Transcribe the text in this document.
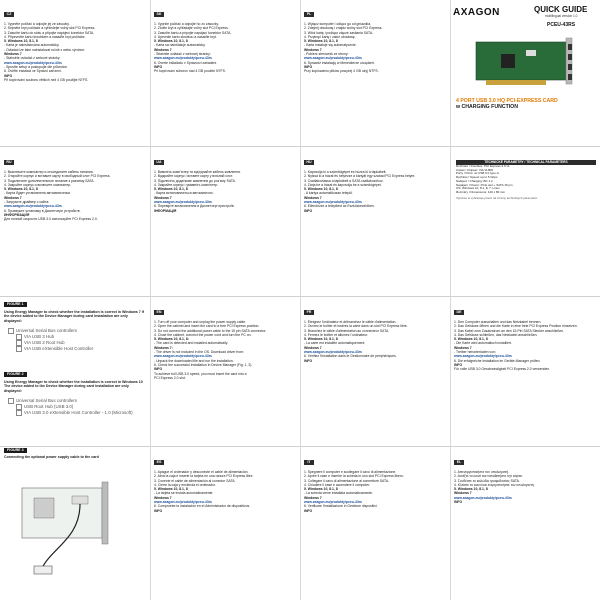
AXAGON	QUICK GUIDE
multilingual version 1.0
PCEU-43RS
4 PORT USB 3.0 HQ PCI-EXPRESS CARD
w CHARGING FUNCTION
TECHNICKÉ PARAMETRY / TECHNICAL PARAMETERS
Rozhraní / Interface: PCI Express 2.0 x1
Čipset / Chipset: VIA VL805
Porty / Ports: 4x USB 3.0 type-A
Rychlost / Speed: up to 5 Gbps
Nabíjení / Charging: BC 1.2
Napájení / Power: PCIe slot + SATA 15 pin
OS: Windows 10, 8.1, 8, 7, Linux
Rozměry / Dimensions: 120 x 80 mm
Výrobce si vyhrazuje právo na změny technických parametrů.
CZ
1. Vypněte počítač a odpojte jej ze zásuvky.
2. Sejměte kryt počítače a vyhledejte volný slot PCI Express.
3. Zasuňte kartu do slotu a připojte napájecí konektor SATA.
4. Připevněte kartu šroubkem a nasaďte kryt počítače.
5. Windows 10, 8.1, 8
- Karta je nainstalována automaticky.
- Ovladač lze také nainstalovat ručně z webu výrobce:
Windows 7
- Stáhněte ovladač z webové stránky:
www.axagon.eu/produkty/pceu-43rs
- Spusťte setup a postupujte dle průvodce.
6. Ověřte instalaci ve Správci zařízení.
INFO
Při kopírování souboru větších než 4 GB použijte NTFS.
SK
1. Vypnite počítač a odpojte ho zo zásuvky.
2. Zložte kryt a vyhľadajte voľný slot PCI Express.
3. Zasuňte kartu a pripojte napájací konektor SATA.
4. Upevnite kartu skrutkou a nasaďte kryt.
5. Windows 10, 8.1, 8
- Karta sa nainštaluje automaticky.
Windows 7
- Stiahnite ovládač z webovej stránky:
www.axagon.eu/produkty/pceu-43rs
6. Overte inštaláciu v Správcovi zariadení.
INFO
Pri kopírovaní súborov nad 4 GB použite NTFS.
PL
1. Wyłącz komputer i odłącz go od gniazdka.
2. Zdejmij obudowę i znajdź wolny slot PCI Express.
3. Włóż kartę i podłącz złącze zasilania SATA.
4. Przykręć kartę i załóż obudowę.
5. Windows 10, 8.1, 8
- Karta instaluje się automatycznie.
Windows 7
- Pobierz sterownik ze strony:
www.axagon.eu/produkty/pceu-43rs
6. Sprawdź instalację w Menedżerze urządzeń.
INFO
Przy kopiowaniu plików powyżej 4 GB użyj NTFS.
RU
1. Выключите компьютер и отсоедините кабель питания.
2. Откройте корпус и вставьте карту в свободный слот PCI Express.
3. Подключите дополнительное питание к разъему SATA.
4. Закройте корпус и включите компьютер.
5. Windows 10, 8.1, 8
- Карта будет установлена автоматически.
Windows 7
- Загрузите драйвер с сайта:
www.axagon.eu/produkty/pceu-43rs
6. Проверьте установку в Диспетчере устройств.
ИНФОРМАЦИЯ
Для полной скорости USB 3.0 используйте PCI Express 2.0.
UA
1. Вимкніть комп'ютер та від'єднайте кабель живлення.
2. Відкрийте корпус і вставте карту у вільний слот.
3. Підключіть додаткове живлення до роз'єму SATA.
4. Закрийте корпус і увімкніть комп'ютер.
5. Windows 10, 8.1, 8
- Карта встановлюється автоматично.
Windows 7
www.axagon.eu/produkty/pceu-43rs
6. Перевірте встановлення в Диспетчері пристроїв.
ІНФОРМАЦІЯ
HU
1. Kapcsolja ki a számítógépet és húzza ki a tápkábelt.
2. Nyissa ki a házat és helyezze a kártyát egy szabad PCI Express helyre.
3. Csatlakoztassa a tápkábelt a SATA csatlakozóhoz.
4. Zárja be a házat és kapcsolja be a számítógépet.
5. Windows 10, 8.1, 8
- A kártya automatikusan települ.
Windows 7
www.axagon.eu/produkty/pceu-43rs
6. Ellenőrizze a telepítést az Eszközkezelőben.
INFO
FIGURE 1
Using Energy Manager to check whether the installation is correct in Windows 7 If the device added to the Device Manager during card installation are only displayed:
Universal Serial Bus controllers
VIA USB 3 Hub
VIA USB 3 Root Hub
VIA USB eXtensible Host Controller
FIGURE 2
Using Energy Manager to check whether the installation is correct in Windows 10 The device added to the Device Manager during card installation are only displayed:
Universal Serial Bus controllers
USB Root Hub (USB 3.0)
VIA USB 3.0 eXtensible Host Controller - 1.0 (Microsoft)
FIGURE 3
Connecting the optional power supply cable to the card
EN
1. Turn off your computer and unplug the power supply cable.
2. Open the cabinet and insert the card to a free PCI Express position.
3. Do not connect the additional power cable to the 15 pin SATA connector.
4. Close the cabinet, connect the power cord and turn the PC on.
5. Windows 10, 8.1, 8:
- The card is detected and installed automatically.
Windows 7:
- The driver is not included in the OS. Download driver from:
www.axagon.eu/produkty/pceu-43rs
- Unpack the downloaded file and run the installation.
6. Check the successful installation in Device Manager (Fig. 1, 2).
INFO
To achieve full USB 3.0 speed, you must insert the card into a
PCI Express 2.0 slot.
FR
1. Éteignez l'ordinateur et débranchez le câble d'alimentation.
2. Ouvrez le boîtier et insérez la carte dans un slot PCI Express libre.
3. Branchez le câble d'alimentation au connecteur SATA.
4. Fermez le boîtier et allumez l'ordinateur.
5. Windows 10, 8.1, 8
- La carte est installée automatiquement.
Windows 7
www.axagon.eu/produkty/pceu-43rs
6. Vérifiez l'installation dans le Gestionnaire de périphériques.
INFO
DE
1. Den Computer ausschalten und das Netzkabel trennen.
2. Das Gehäuse öffnen und die Karte in eine freie PCI Express Position einsetzen.
3. Das Kabel zum Zusatzstrom an den 15-Pin SATA Stecker anschließen.
4. Das Gehäuse schließen, das Netzkabel anschließen.
5. Windows 10, 8.1, 8
- Die Karte wird automatisch installiert.
Windows 7
- Treiber herunterladen von:
www.axagon.eu/produkty/pceu-43rs
6. Die erfolgreiche Installation im Geräte-Manager prüfen.
INFO
Für volle USB 3.0 Geschwindigkeit PCI Express 2.0 verwenden.
ES
1. Apague el ordenador y desconecte el cable de alimentación.
2. Abra la caja e inserte la tarjeta en una ranura PCI Express libre.
3. Conecte el cable de alimentación al conector SATA.
4. Cierre la caja y encienda el ordenador.
5. Windows 10, 8.1, 8
- La tarjeta se instala automáticamente.
Windows 7
www.axagon.eu/produkty/pceu-43rs
6. Compruebe la instalación en el Administrador de dispositivos.
INFO
IT
1. Spegnere il computer e scollegare il cavo di alimentazione.
2. Aprire il case e inserire la scheda in uno slot PCI Express libero.
3. Collegare il cavo di alimentazione al connettore SATA.
4. Chiudere il case e accendere il computer.
5. Windows 10, 8.1, 8
- La scheda viene installata automaticamente.
Windows 7
www.axagon.eu/produkty/pceu-43rs
6. Verificare l'installazione in Gestione dispositivi.
INFO
EL
1. Απενεργοποιήστε τον υπολογιστή.
2. Ανοίξτε το κουτί και τοποθετήστε την κάρτα.
3. Συνδέστε το καλώδιο τροφοδοσίας SATA.
4. Κλείστε το κουτί και ενεργοποιήστε τον υπολογιστή.
5. Windows 10, 8.1, 8
Windows 7
www.axagon.eu/produkty/pceu-43rs
INFO
